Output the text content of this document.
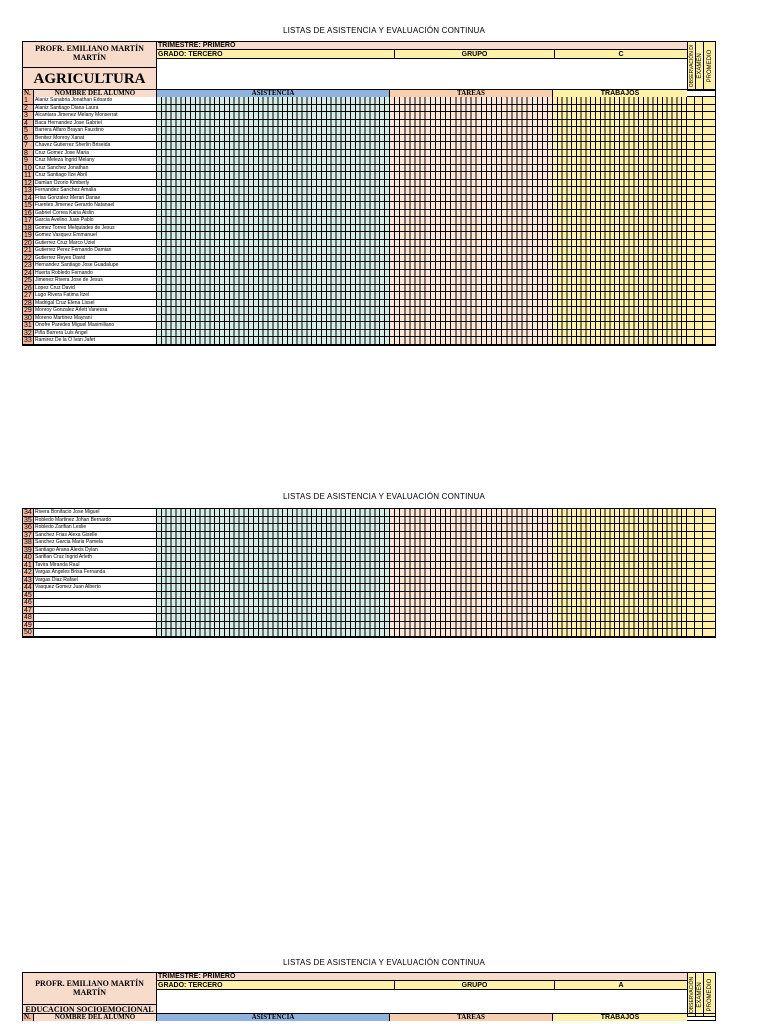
LISTAS DE ASISTENCIA Y EVALUACIÓN CONTINUA
PROFR. EMILIANO MARTÍN MARTÍN
AGRICULTURA
TRIMESTRE: PRIMERO
GRADO: TERCERO	GRUPO	C	OBSERVACIÓN DI EXAMEN PROMEDIO
N.	NOMBRE DEL ALUMNO	ASISTENCIA	TAREAS	TRABAJOS
1	Alaniz Sanabria Jonathan Edoardo
2	Alaniz Santiago Diana Laura
3	Alcantara Jimenez Melany Monserrat
4	Baca Hernandez Jose Gabriel
5	Barrera Alfaro Brayan Faustino
6	Benitez Monroy Xanat
7	Chavez Gutierrez Sherlin Briseida
8	Cruz Gomez Jose Maria
9	Cruz Meleza Ingrid Melany
10 Cruz Sanchez Jonathan
11 Cruz Santiago Ilze Abril
12 Damian Ozorio Kimberly
13 Fernandez Sanchez Amalia
14 Frias Gonzalez Merari Danae
15 Fuentes Jimenez Gerardo Natanael
16 Gabriel Correa Karia Aislin
17 Garcia Avelino Juan Pablo
18 Gomez Torres Melquiades de Jesus
19 Gomez Vasquez Emmanuel
20 Gutierrez Cruz Marco Uziel
21 Gutierrez Perez Fernando Damian
22 Gutierrez Reyes David
23 Hernandez Santiago Jose Guadalupe
24 Huerta Robledo Fernando
25 Jimenez Rivera Jose de Jesus
26 Lopez Cruz David
27 Lugo Rivera Fatima Itzel
28 Madrigal Cruz Elena Lissel
29 Monroy Gonzalez Arlett Vanessa
30 Moreno Martinez Mayrani
31 Onofre Paredes Miguel Maximiliano
32 Piña Barrera Luis Angel
33 Ramirez De la O Ivan Jafet
LISTAS DE ASISTENCIA Y EVALUACIÓN CONTINUA
34 Rivera Bonifacio Jose Miguel
35 Robledo Martinez Johan Bernardo
36 Robledo Zarifian Leslie
37 Sanchez Frias Alexa Giselle
38 Sanchez Garcia Maria Pamela
39 Santiago Arana Alexis Dylan
40 Sarifian Cruz Ingrid Arleth
41 Tavira Miranda Raul
42 Vargas Angeles Brisa Fernanda
43 Vargas Diaz Rafael
44 Vasquez Gomez Juan Alberto
45
46
47
48
49
50
LISTAS DE ASISTENCIA Y EVALUACIÓN CONTINUA
PROFR. EMILIANO MARTÍN MARTÍN
EDUCACION SOCIOEMOCIONAL
TRIMESTRE: PRIMERO
GRADO: TERCERO	GRUPO	A	OBSERVACIÓN EXAMEN PROMEDIO
N.	NOMBRE DEL ALUMNO	ASISTENCIA	TAREAS	TRABAJOS
